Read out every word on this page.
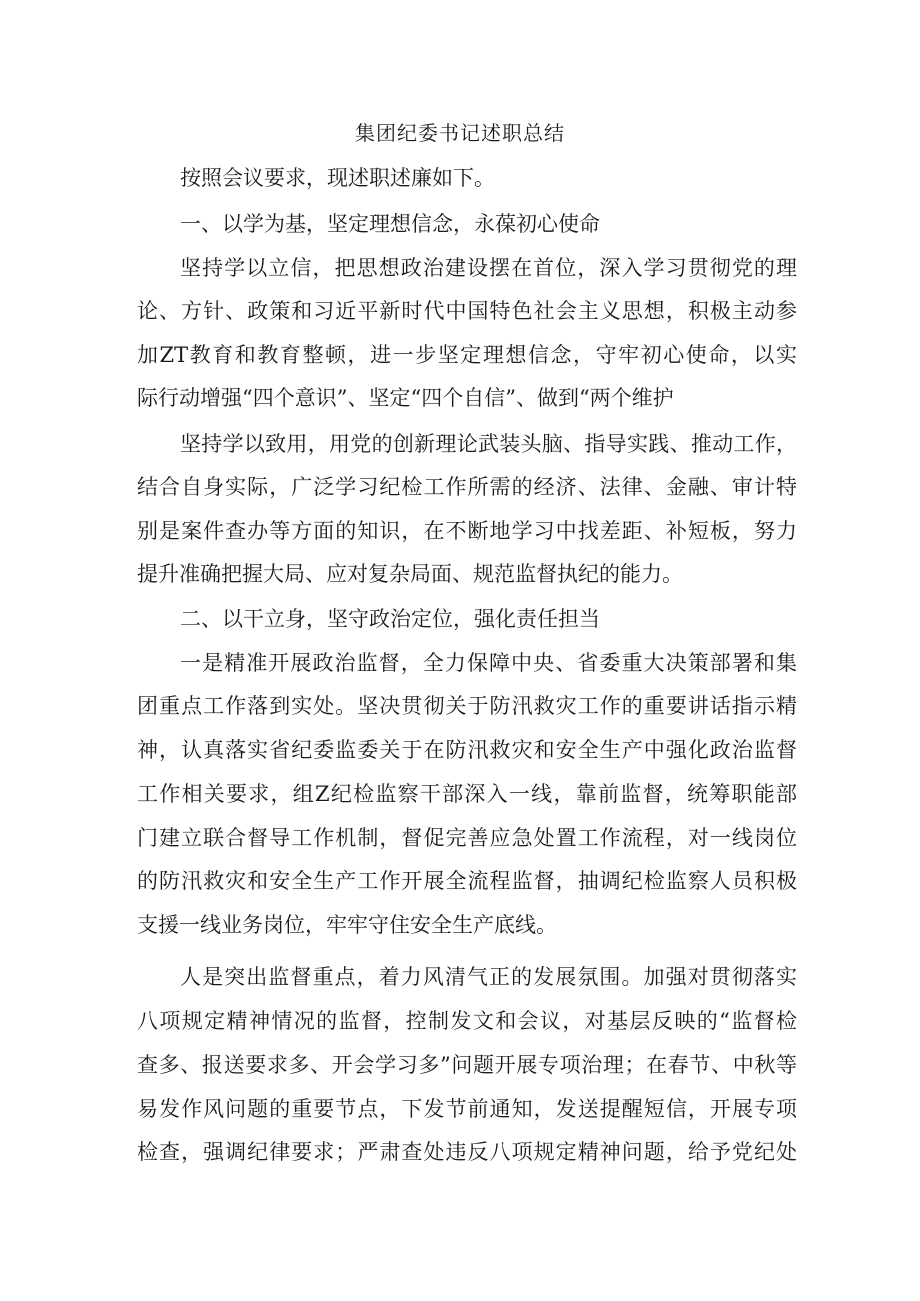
集团纪委书记述职总结
按照会议要求，现述职述廉如下。
一、以学为基，坚定理想信念，永葆初心使命
坚持学以立信，把思想政治建设摆在首位，深入学习贯彻党的理
论、方针、政策和习近平新时代中国特色社会主义思想，积极主动参
加ZT教育和教育整顿，进一步坚定理想信念，守牢初心使命，以实
际行动增强“四个意识”、坚定“四个自信”、做到“两个维护
坚持学以致用，用党的创新理论武装头脑、指导实践、推动工作，
结合自身实际，广泛学习纪检工作所需的经济、法律、金融、审计特
别是案件查办等方面的知识，在不断地学习中找差距、补短板，努力
提升准确把握大局、应对复杂局面、规范监督执纪的能力。
二、以干立身，坚守政治定位，强化责任担当
一是精准开展政治监督，全力保障中央、省委重大决策部署和集
团重点工作落到实处。坚决贯彻关于防汛救灾工作的重要讲话指示精
神，认真落实省纪委监委关于在防汛救灾和安全生产中强化政治监督
工作相关要求，组Z纪检监察干部深入一线，靠前监督，统筹职能部
门建立联合督导工作机制，督促完善应急处置工作流程，对一线岗位
的防汛救灾和安全生产工作开展全流程监督，抽调纪检监察人员积极
支援一线业务岗位，牢牢守住安全生产底线。
人是突出监督重点，着力风清气正的发展氛围。加强对贯彻落实
八项规定精神情况的监督，控制发文和会议，对基层反映的“监督检
查多、报送要求多、开会学习多”问题开展专项治理；在春节、中秋等
易发作风问题的重要节点，下发节前通知，发送提醒短信，开展专项
检查，强调纪律要求；严肃查处违反八项规定精神问题，给予党纪处
